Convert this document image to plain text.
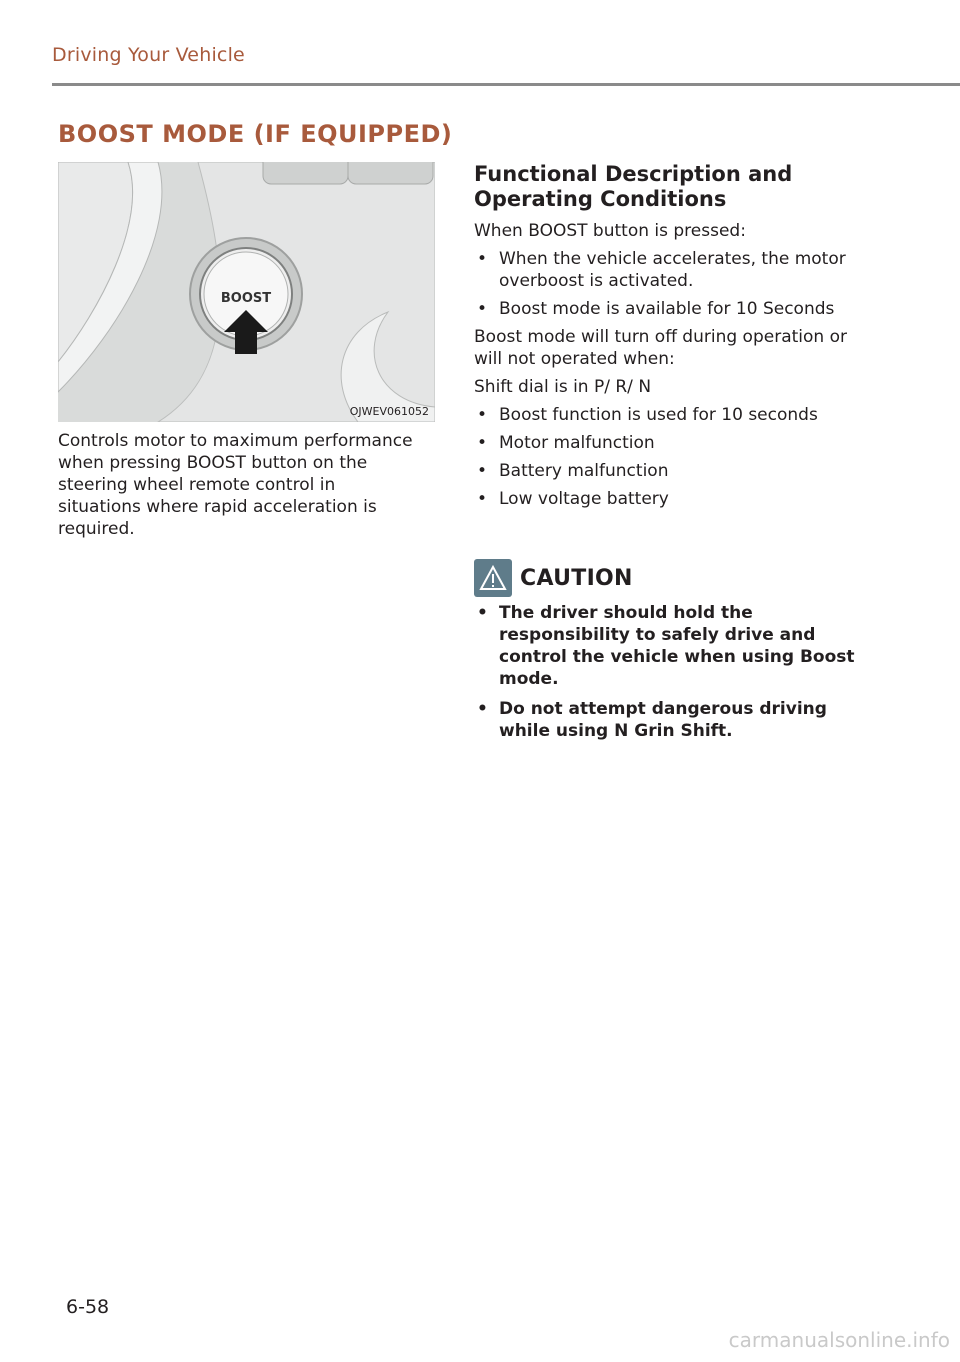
Driving Your Vehicle
BOOST MODE (IF EQUIPPED)
BOOST
OJWEV061052
Controls motor to maximum performance when pressing BOOST button on the steering wheel remote control in situations where rapid acceleration is required.
Functional Description and Operating Conditions
When BOOST button is pressed:
• When the vehicle accelerates, the motor overboost is activated.
• Boost mode is available for 10 Seconds
Boost mode will turn off during operation or will not operated when:
Shift dial is in P/ R/ N
• Boost function is used for 10 seconds
• Motor malfunction
• Battery malfunction
• Low voltage battery
CAUTION
• The driver should hold the responsibility to safely drive and control the vehicle when using Boost mode.
• Do not attempt dangerous driving while using N Grin Shift.
6-58
carmanualsonline.info
